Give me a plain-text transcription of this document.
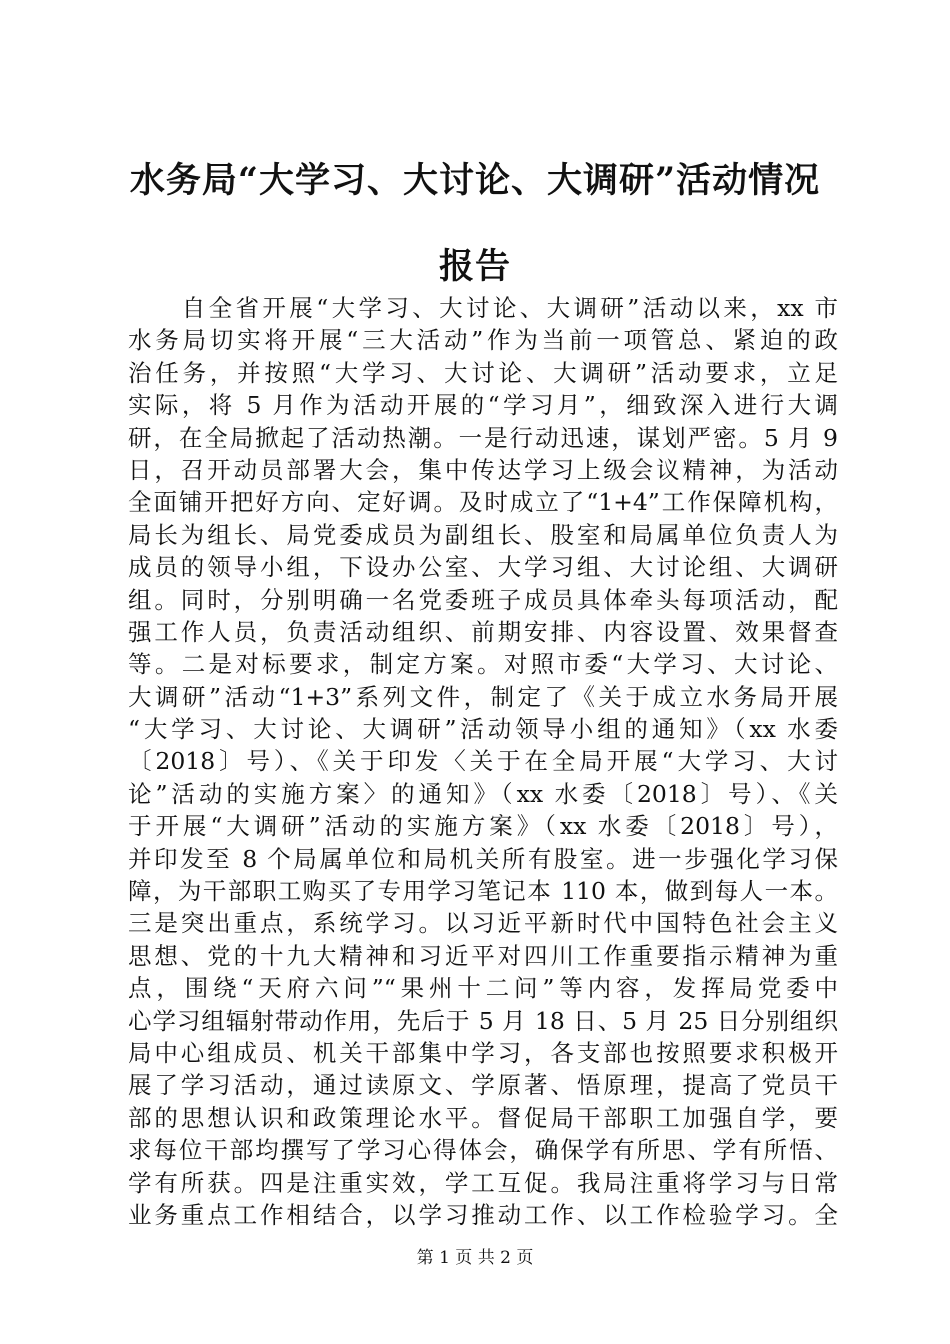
水务局“大学习、大讨论、大调研”活动情况
报告
　　自全省开展“大学习、大讨论、大调研”活动以来，xx 市
水务局切实将开展“三大活动”作为当前一项管总、紧迫的政
治任务，并按照“大学习、大讨论、大调研”活动要求，立足
实际，将 5 月作为活动开展的“学习月”，细致深入进行大调
研，在全局掀起了活动热潮。一是行动迅速，谋划严密。5 月 9
日，召开动员部署大会，集中传达学习上级会议精神，为活动
全面铺开把好方向、定好调。及时成立了“1+4”工作保障机构，
局长为组长、局党委成员为副组长、股室和局属单位负责人为
成员的领导小组，下设办公室、大学习组、大讨论组、大调研
组。同时，分别明确一名党委班子成员具体牵头每项活动，配
强工作人员，负责活动组织、前期安排、内容设置、效果督查
等。二是对标要求，制定方案。对照市委“大学习、大讨论、
大调研”活动“1+3”系列文件，制定了《关于成立水务局开展
“大学习、大讨论、大调研”活动领导小组的通知》（xx 水委
〔2018〕号）、《关于印发〈关于在全局开展“大学习、大讨
论”活动的实施方案〉的通知》（xx 水委〔2018〕号）、《关
于开展“大调研”活动的实施方案》（xx 水委〔2018〕号），
并印发至 8 个局属单位和局机关所有股室。进一步强化学习保
障，为干部职工购买了专用学习笔记本 110 本，做到每人一本。
三是突出重点，系统学习。以习近平新时代中国特色社会主义
思想、党的十九大精神和习近平对四川工作重要指示精神为重
点，围绕“天府六问”“果州十二问”等内容，发挥局党委中
心学习组辐射带动作用，先后于 5 月 18 日、5 月 25 日分别组织
局中心组成员、机关干部集中学习，各支部也按照要求积极开
展了学习活动，通过读原文、学原著、悟原理，提高了党员干
部的思想认识和政策理论水平。督促局干部职工加强自学，要
求每位干部均撰写了学习心得体会，确保学有所思、学有所悟、
学有所获。四是注重实效，学工互促。我局注重将学习与日常
业务重点工作相结合，以学习推动工作、以工作检验学习。全
第 1 页 共 2 页
